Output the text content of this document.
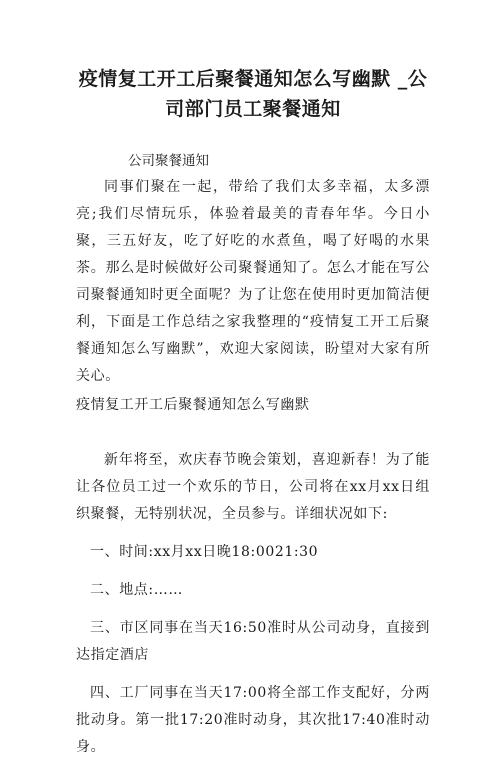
疫情复工开工后聚餐通知怎么写幽默 _公司部门员工聚餐通知
公司聚餐通知

同事们聚在一起，带给了我们太多幸福，太多漂亮;我们尽情玩乐，体验着最美的青春年华。今日小聚，三五好友，吃了好吃的水煮鱼，喝了好喝的水果茶。那么是时候做好公司聚餐通知了。怎么才能在写公司聚餐通知时更全面呢？为了让您在使用时更加简洁便利，下面是工作总结之家我整理的“疫情复工开工后聚餐通知怎么写幽默”，欢迎大家阅读，盼望对大家有所关心。

疫情复工开工后聚餐通知怎么写幽默

新年将至，欢庆春节晚会策划，喜迎新春！为了能让各位员工过一个欢乐的节日，公司将在xx月xx日组织聚餐，无特别状况，全员参与。详细状况如下:

一、时间:xx月xx日晚18:0021:30

二、地点:……

三、市区同事在当天16:50准时从公司动身，直接到达指定酒店

四、工厂同事在当天17:00将全部工作支配好，分两批动身。第一批17:20准时动身，其次批17:40准时动身。
